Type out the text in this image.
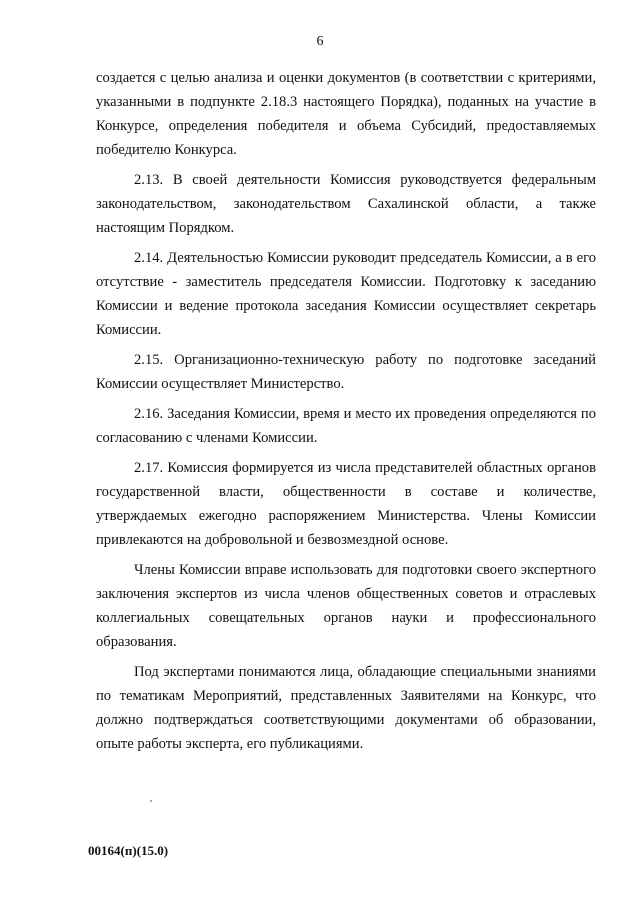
6

создается с целью анализа и оценки документов (в соответствии с критериями, указанными в подпункте 2.18.3 настоящего Порядка), поданных на участие в Конкурсе, определения победителя и объема Субсидий, предоставляемых победителю Конкурса.

2.13. В своей деятельности Комиссия руководствуется федеральным законодательством, законодательством Сахалинской области, а также настоящим Порядком.

2.14. Деятельностью Комиссии руководит председатель Комиссии, а в его отсутствие - заместитель председателя Комиссии. Подготовку к заседанию Комиссии и ведение протокола заседания Комиссии осуществляет секретарь Комиссии.

2.15. Организационно-техническую работу по подготовке заседаний Комиссии осуществляет Министерство.

2.16. Заседания Комиссии, время и место их проведения определяются по согласованию с членами Комиссии.

2.17. Комиссия формируется из числа представителей областных органов государственной власти, общественности в составе и количестве, утверждаемых ежегодно распоряжением Министерства. Члены Комиссии привлекаются на добровольной и безвозмездной основе.

Члены Комиссии вправе использовать для подготовки своего экспертного заключения экспертов из числа членов общественных советов и отраслевых коллегиальных совещательных органов науки и профессионального образования.

Под экспертами понимаются лица, обладающие специальными знаниями по тематикам Мероприятий, представленных Заявителями на Конкурс, что должно подтверждаться соответствующими документами об образовании, опыте работы эксперта, его публикациями.

00164(п)(15.0)
